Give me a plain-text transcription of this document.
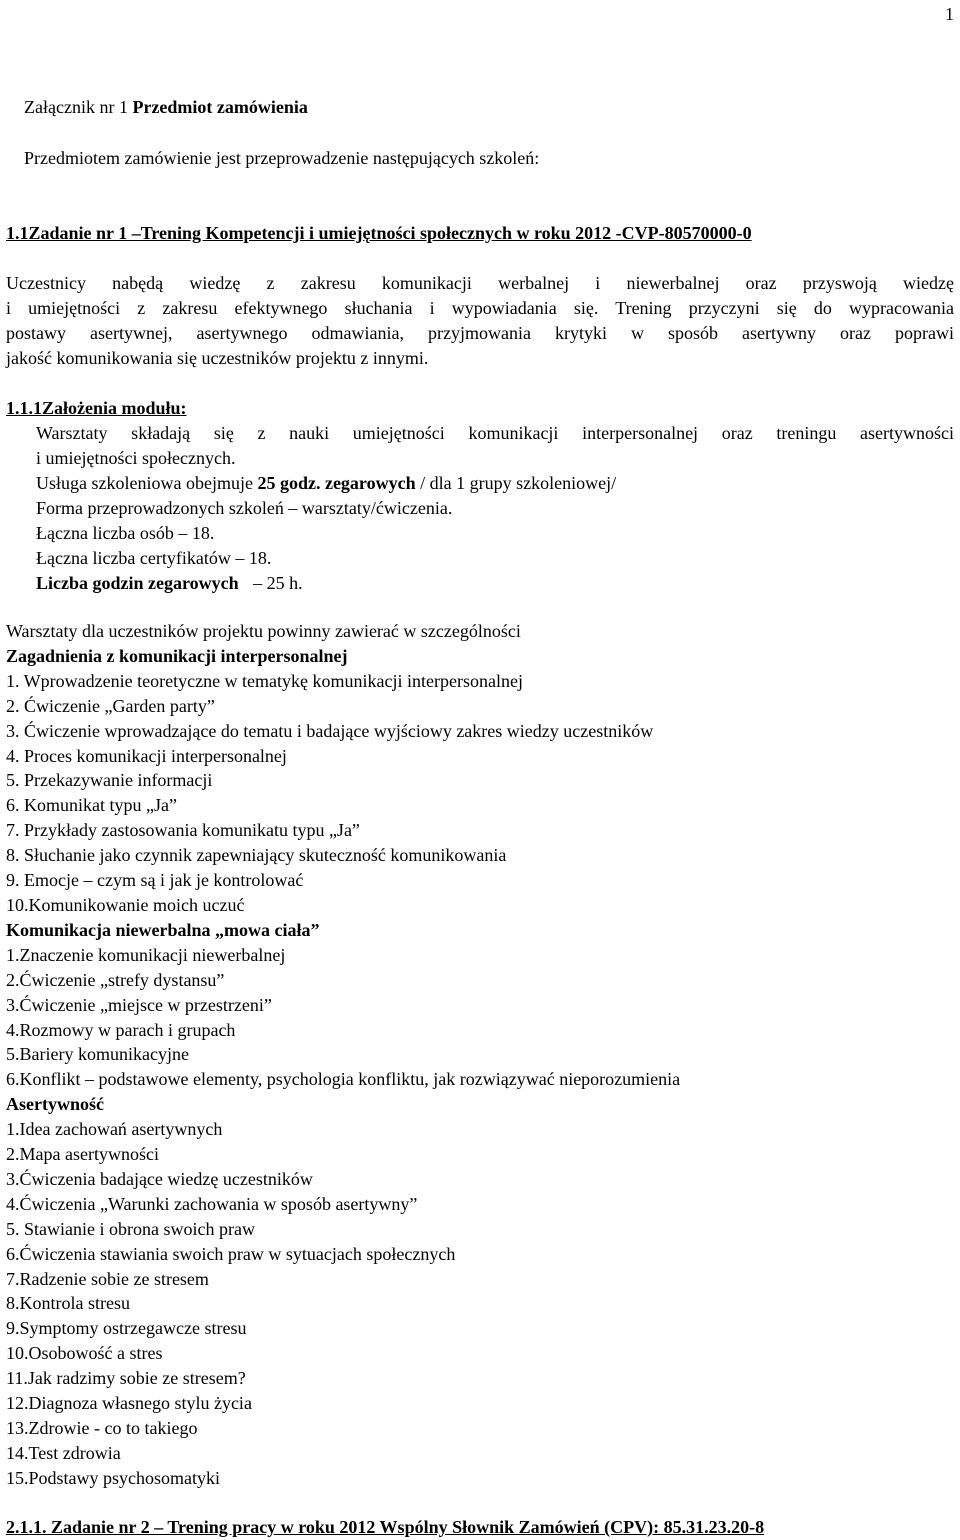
1
Załącznik nr 1 Przedmiot zamówienia
Przedmiotem zamówienie jest przeprowadzenie następujących szkoleń:
1.1Zadanie nr 1 –Trening Kompetencji i umiejętności społecznych w roku 2012 -CVP-80570000-0
Uczestnicy nabędą wiedzę z zakresu komunikacji werbalnej i niewerbalnej oraz przyswoją wiedzę
i umiejętności z zakresu efektywnego słuchania i wypowiadania się. Trening przyczyni się do wypracowania
postawy asertywnej, asertywnego odmawiania, przyjmowania krytyki w sposób asertywny oraz poprawi
jakość komunikowania się uczestników projektu z innymi.
1.1.1Założenia modułu:
Warsztaty składają się z nauki umiejętności komunikacji interpersonalnej oraz treningu asertywności
i umiejętności społecznych.
Usługa szkoleniowa obejmuje 25 godz. zegarowych / dla 1 grupy szkoleniowej/
Forma przeprowadzonych szkoleń – warsztaty/ćwiczenia.
Łączna liczba osób – 18.
Łączna liczba certyfikatów – 18.
Liczba godzin zegarowych – 25 h.
Warsztaty dla uczestników projektu powinny zawierać w szczególności
Zagadnienia z komunikacji interpersonalnej
1. Wprowadzenie teoretyczne w tematykę komunikacji interpersonalnej
2. Ćwiczenie „Garden party”
3. Ćwiczenie wprowadzające do tematu i badające wyjściowy zakres wiedzy uczestników
4. Proces komunikacji interpersonalnej
5. Przekazywanie informacji
6. Komunikat typu „Ja”
7. Przykłady zastosowania komunikatu typu „Ja”
8. Słuchanie jako czynnik zapewniający skuteczność komunikowania
9. Emocje – czym są i jak je kontrolować
10.Komunikowanie moich uczuć
Komunikacja niewerbalna „mowa ciała”
1.Znaczenie komunikacji niewerbalnej
2.Ćwiczenie „strefy dystansu”
3.Ćwiczenie „miejsce w przestrzeni”
4.Rozmowy w parach i grupach
5.Bariery komunikacyjne
6.Konflikt – podstawowe elementy, psychologia konfliktu, jak rozwiązywać nieporozumienia
Asertywność
1.Idea zachowań asertywnych
2.Mapa asertywności
3.Ćwiczenia badające wiedzę uczestników
4.Ćwiczenia „Warunki zachowania w sposób asertywny”
5. Stawianie i obrona swoich praw
6.Ćwiczenia stawiania swoich praw w sytuacjach społecznych
7.Radzenie sobie ze stresem
8.Kontrola stresu
9.Symptomy ostrzegawcze stresu
10.Osobowość a stres
11.Jak radzimy sobie ze stresem?
12.Diagnoza własnego stylu życia
13.Zdrowie - co to takiego
14.Test zdrowia
15.Podstawy psychosomatyki
2.1.1. Zadanie nr 2 – Trening pracy w roku 2012 Wspólny Słownik Zamówień (CPV): 85.31.23.20-8
